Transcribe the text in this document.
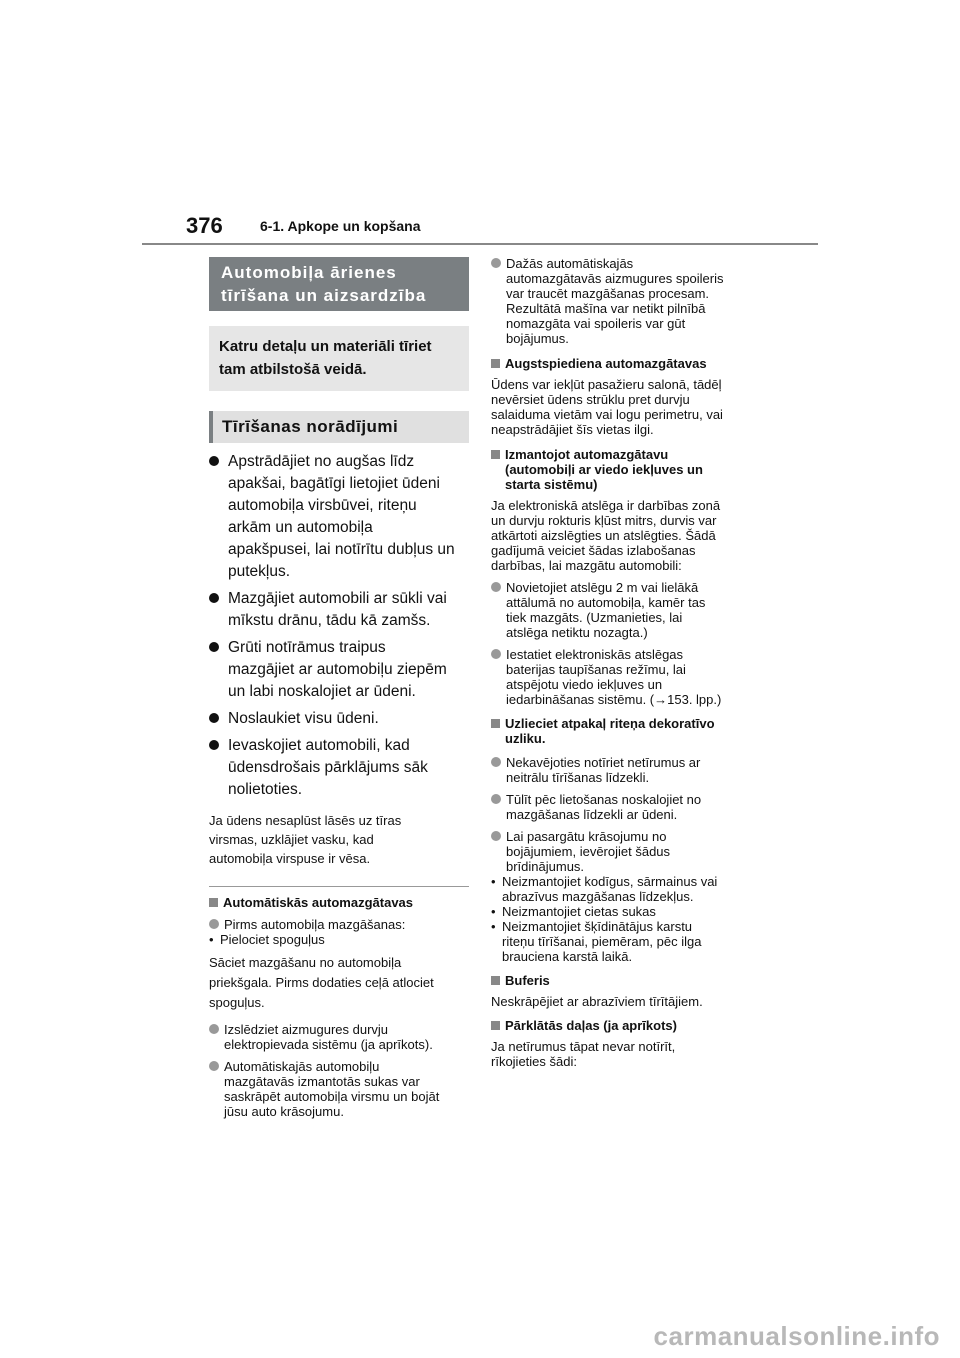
376	6-1. Apkope un kopšana
Automobiļa ārienes
tīrīšana un aizsardzība
Katru detaļu un materiāli tīriet
tam atbilstošā veidā.
Tīrīšanas norādījumi
Apstrādājiet no augšas līdz
apakšai, bagātīgi lietojiet ūdeni
automobiļa virsbūvei, riteņu
arkām un automobiļa
apakšpusei, lai notīrītu dubļus un
putekļus.
Mazgājiet automobili ar sūkli vai
mīkstu drānu, tādu kā zamšs.
Grūti notīrāmus traipus
mazgājiet ar automobiļu ziepēm
un labi noskalojiet ar ūdeni.
Noslaukiet visu ūdeni.
Ievaskojiet automobili, kad
ūdensdrošais pārklājums sāk
nolietoties.
Ja ūdens nesaplūst lāsēs uz tīras
virsmas, uzklājiet vasku, kad
automobiļa virspuse ir vēsa.
Automātiskās automazgātavas
Pirms automobiļa mazgāšanas:
• Pielociet spoguļus
Sāciet mazgāšanu no automobiļa
priekšgala. Pirms dodaties ceļā atlociet
spoguļus.
Izslēdziet aizmugures durvju
elektropievada sistēmu (ja aprīkots).
Automātiskajās automobiļu
mazgātavās izmantotās sukas var
saskrāpēt automobiļa virsmu un bojāt
jūsu auto krāsojumu.
Dažās automātiskajās
automazgātavās aizmugures spoileris
var traucēt mazgāšanas procesam.
Rezultātā mašīna var netikt pilnībā
nomazgāta vai spoileris var gūt
bojājumus.
Augstspiediena automazgātavas
Ūdens var iekļūt pasažieru salonā, tādēļ
nevērsiet ūdens strūklu pret durvju
salaiduma vietām vai logu perimetru, vai
neapstrādājiet šīs vietas ilgi.
Izmantojot automazgātavu
(automobiļi ar viedo iekļuves un
starta sistēmu)
Ja elektroniskā atslēga ir darbības zonā
un durvju rokturis kļūst mitrs, durvis var
atkārtoti aizslēgties un atslēgties. Šādā
gadījumā veiciet šādas izlabošanas
darbības, lai mazgātu automobili:
Novietojiet atslēgu 2 m vai lielākā
attālumā no automobiļa, kamēr tas
tiek mazgāts. (Uzmanieties, lai
atslēga netiktu nozagta.)
Iestatiet elektroniskās atslēgas
baterijas taupīšanas režīmu, lai
atspējotu viedo iekļuves un
iedarbināšanas sistēmu. (→153. lpp.)
Uzlieciet atpakaļ riteņa dekoratīvo
uzliku.
Nekavējoties notīriet netīrumus ar
neitrālu tīrīšanas līdzekli.
Tūlīt pēc lietošanas noskalojiet no
mazgāšanas līdzekli ar ūdeni.
Lai pasargātu krāsojumu no
bojājumiem, ievērojiet šādus
brīdinājumus.
• Neizmantojiet kodīgus, sārmainus vai
abrazīvus mazgāšanas līdzekļus.
• Neizmantojiet cietas sukas
• Neizmantojiet šķīdinātājus karstu
riteņu tīrīšanai, piemēram, pēc ilga
brauciena karstā laikā.
Buferis
Neskrāpējiet ar abrazīviem tīrītājiem.
Pārklātās daļas (ja aprīkots)
Ja netīrumus tāpat nevar notīrīt,
rīkojieties šādi:
carmanualsonline.info
